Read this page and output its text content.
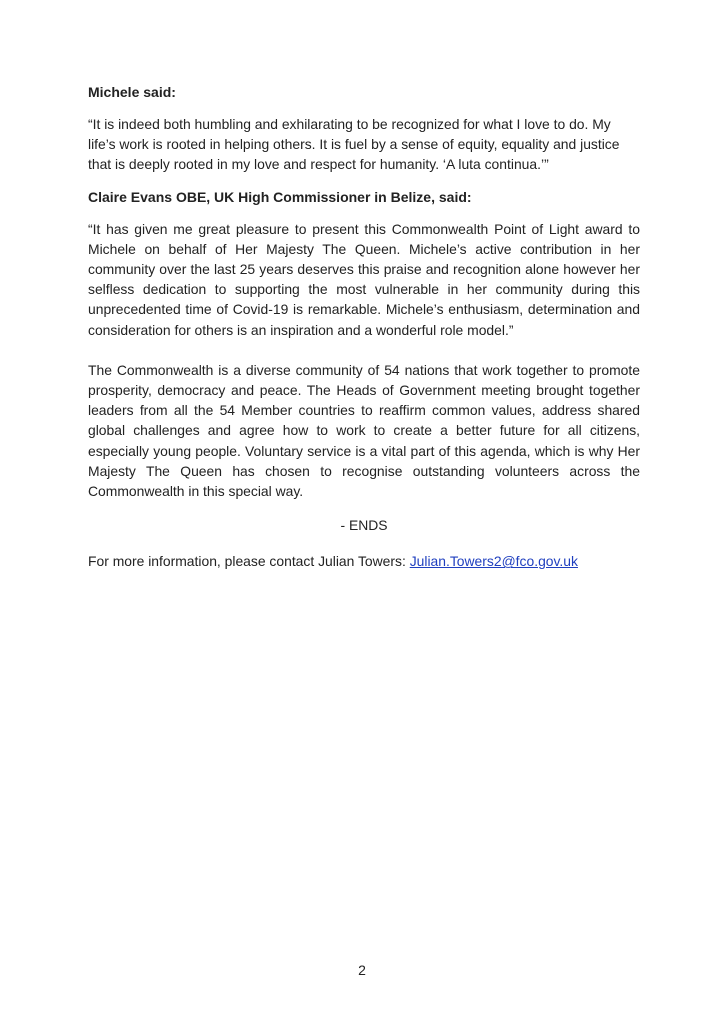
Michele said:

“It is indeed both humbling and exhilarating to be recognized for what I love to do. My life’s work is rooted in helping others. It is fuel by a sense of equity, equality and justice that is deeply rooted in my love and respect for humanity. ‘A luta continua.’”

Claire Evans OBE, UK High Commissioner in Belize, said:

“It has given me great pleasure to present this Commonwealth Point of Light award to Michele on behalf of Her Majesty The Queen. Michele’s active contribution in her community over the last 25 years deserves this praise and recognition alone however her selfless dedication to supporting the most vulnerable in her community during this unprecedented time of Covid-19 is remarkable. Michele’s enthusiasm, determination and consideration for others is an inspiration and a wonderful role model.”

The Commonwealth is a diverse community of 54 nations that work together to promote prosperity, democracy and peace. The Heads of Government meeting brought together leaders from all the 54 Member countries to reaffirm common values, address shared global challenges and agree how to work to create a better future for all citizens, especially young people. Voluntary service is a vital part of this agenda, which is why Her Majesty The Queen has chosen to recognise outstanding volunteers across the Commonwealth in this special way.

- ENDS

For more information, please contact Julian Towers: Julian.Towers2@fco.gov.uk

2
